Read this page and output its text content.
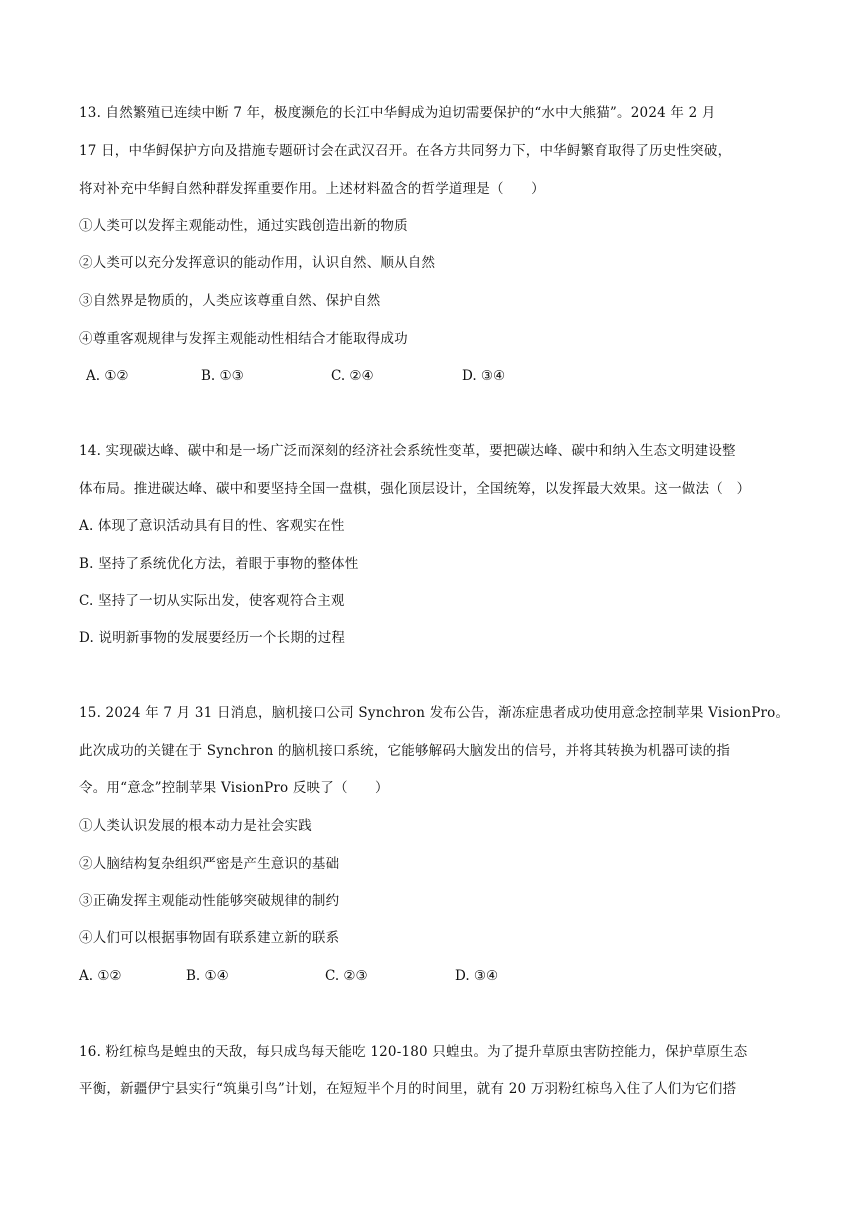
13. 自然繁殖已连续中断 7 年，极度濒危的长江中华鲟成为迫切需要保护的“水中大熊猫”。2024 年 2 月
17 日，中华鲟保护方向及措施专题研讨会在武汉召开。在各方共同努力下，中华鲟繁育取得了历史性突破，
将对补充中华鲟自然种群发挥重要作用。上述材料盈含的哲学道理是（　　）
①人类可以发挥主观能动性，通过实践创造出新的物质
②人类可以充分发挥意识的能动作用，认识自然、顺从自然
③自然界是物质的，人类应该尊重自然、保护自然
④尊重客观规律与发挥主观能动性相结合才能取得成功
A. ①②	B. ①③	C. ②④	D. ③④
14. 实现碳达峰、碳中和是一场广泛而深刻的经济社会系统性变革，要把碳达峰、碳中和纳入生态文明建设整
体布局。推进碳达峰、碳中和要坚持全国一盘棋，强化顶层设计，全国统筹，以发挥最大效果。这一做法（　）
A. 体现了意识活动具有目的性、客观实在性
B. 坚持了系统优化方法，着眼于事物的整体性
C. 坚持了一切从实际出发，使客观符合主观
D. 说明新事物的发展要经历一个长期的过程
15. 2024 年 7 月 31 日消息，脑机接口公司 Synchron 发布公告，渐冻症患者成功使用意念控制苹果 VisionPro。
此次成功的关键在于 Synchron 的脑机接口系统，它能够解码大脑发出的信号，并将其转换为机器可读的指
令。用“意念”控制苹果 VisionPro 反映了（　　）
①人类认识发展的根本动力是社会实践
②人脑结构复杂组织严密是产生意识的基础
③正确发挥主观能动性能够突破规律的制约
④人们可以根据事物固有联系建立新的联系
A. ①②	B. ①④	C. ②③	D. ③④
16. 粉红椋鸟是蝗虫的天敌，每只成鸟每天能吃 120-180 只蝗虫。为了提升草原虫害防控能力，保护草原生态
平衡，新疆伊宁县实行“筑巢引鸟”计划，在短短半个月的时间里，就有 20 万羽粉红椋鸟入住了人们为它们搭
